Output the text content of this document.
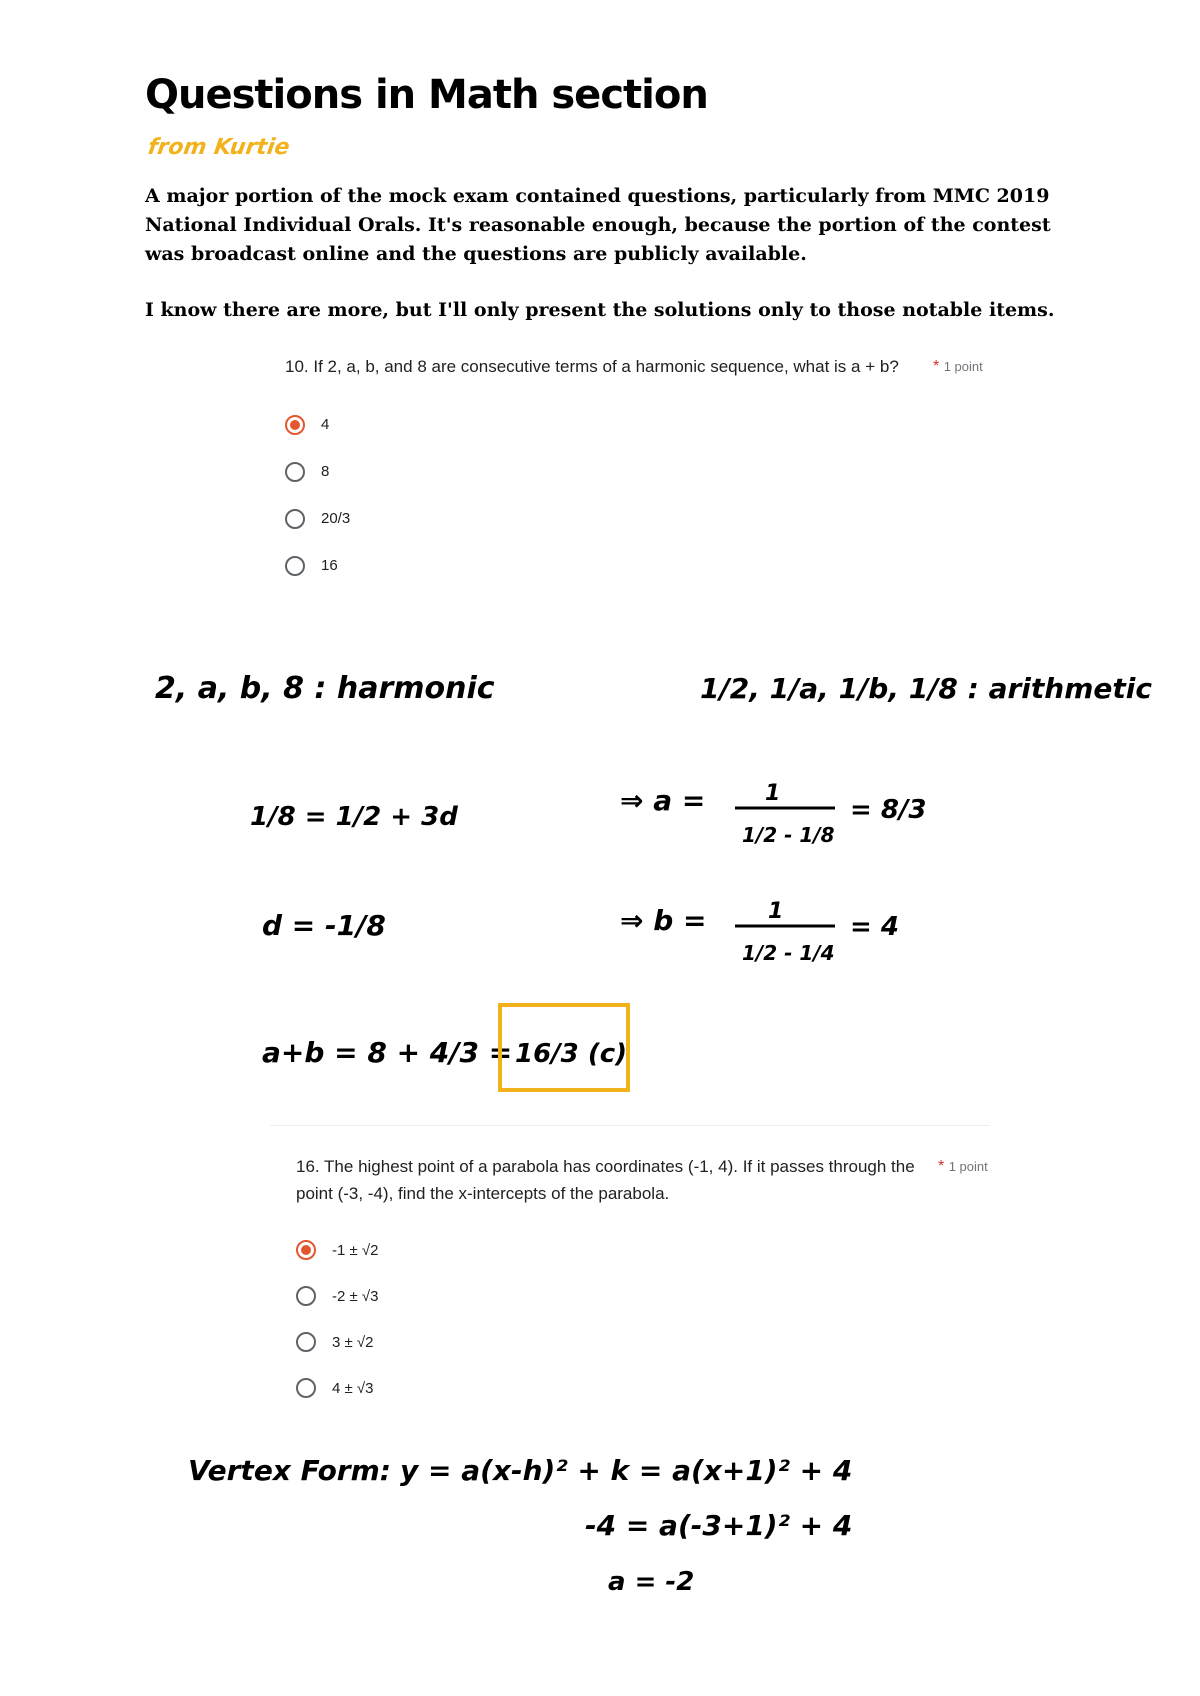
Questions in Math section
from Kurtie
A major portion of the mock exam contained questions, particularly from MMC 2019 National Individual Orals. It's reasonable enough, because the portion of the contest was broadcast online and the questions are publicly available.
I know there are more, but I'll only present the solutions only to those notable items.
10. If 2, a, b, and 8 are consecutive terms of a harmonic sequence, what is a + b?	* 1 point
4
8
20/3
16
2, a, b, 8 : harmonic	1/2, 1/a, 1/b, 1/8 : arithmetic
1/8 = 1/2 + 3d
d = -1/8
⇒ a =	1
1/2 - 1/8
= 8/3
⇒ b =	1
1/2 - 1/4
= 4
a+b = 8 + 4/3 = 16/3 (c)
16. The highest point of a parabola has coordinates (-1, 4). If it passes through the point (-3, -4), find the x-intercepts of the parabola.
* 1 point
-1 ± √2
-2 ± √3
3 ± √2
4 ± √3
Vertex Form: y = a(x-h)² + k = a(x+1)² + 4
-4 = a(-3+1)² + 4
a = -2
